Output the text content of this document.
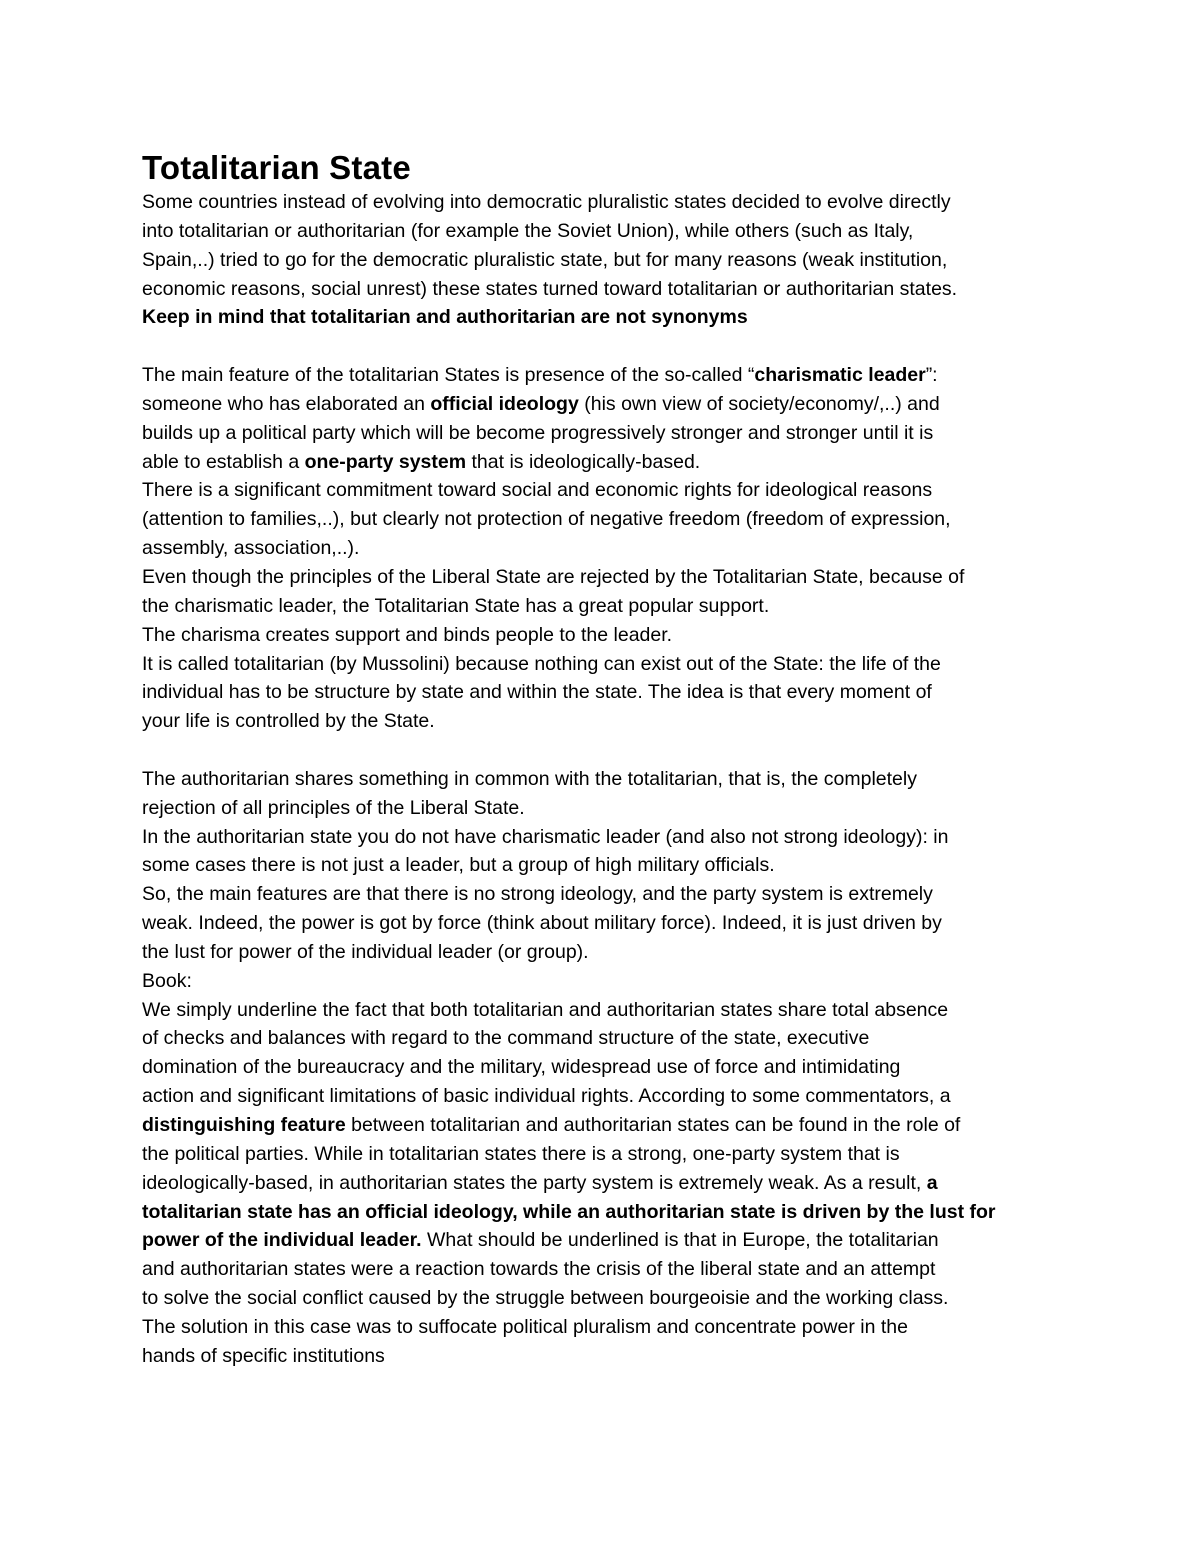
Totalitarian State
Some countries instead of evolving into democratic pluralistic states decided to evolve directly
into totalitarian or authoritarian (for example the Soviet Union), while others (such as Italy,
Spain,..) tried to go for the democratic pluralistic state, but for many reasons (weak institution,
economic reasons, social unrest) these states turned toward totalitarian or authoritarian states.
Keep in mind that totalitarian and authoritarian are not synonyms
The main feature of the totalitarian States is presence of the so-called “charismatic leader”:
someone who has elaborated an official ideology (his own view of society/economy/,..) and
builds up a political party which will be become progressively stronger and stronger until it is
able to establish a one-party system that is ideologically-based.
There is a significant commitment toward social and economic rights for ideological reasons
(attention to families,..), but clearly not protection of negative freedom (freedom of expression,
assembly, association,..).
Even though the principles of the Liberal State are rejected by the Totalitarian State, because of
the charismatic leader, the Totalitarian State has a great popular support.
The charisma creates support and binds people to the leader.
It is called totalitarian (by Mussolini) because nothing can exist out of the State: the life of the
individual has to be structure by state and within the state. The idea is that every moment of
your life is controlled by the State.
The authoritarian shares something in common with the totalitarian, that is, the completely
rejection of all principles of the Liberal State.
In the authoritarian state you do not have charismatic leader (and also not strong ideology): in
some cases there is not just a leader, but a group of high military officials.
So, the main features are that there is no strong ideology, and the party system is extremely
weak. Indeed, the power is got by force (think about military force). Indeed, it is just driven by
the lust for power of the individual leader (or group).
Book:
We simply underline the fact that both totalitarian and authoritarian states share total absence
of checks and balances with regard to the command structure of the state, executive
domination of the bureaucracy and the military, widespread use of force and intimidating
action and significant limitations of basic individual rights. According to some commentators, a
distinguishing feature between totalitarian and authoritarian states can be found in the role of
the political parties. While in totalitarian states there is a strong, one-party system that is
ideologically-based, in authoritarian states the party system is extremely weak. As a result, a
totalitarian state has an official ideology, while an authoritarian state is driven by the lust for
power of the individual leader. What should be underlined is that in Europe, the totalitarian
and authoritarian states were a reaction towards the crisis of the liberal state and an attempt
to solve the social conflict caused by the struggle between bourgeoisie and the working class.
The solution in this case was to suffocate political pluralism and concentrate power in the
hands of specific institutions
